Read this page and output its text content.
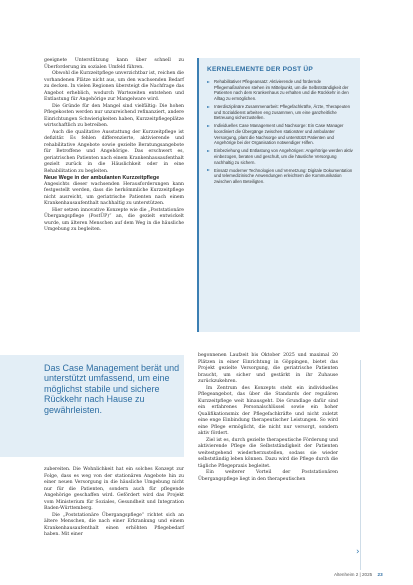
geeignete Unterstützung kann über schnell zu Überforderung im sozialen Umfeld führen.

Obwohl die Kurzzeitpflege unverzichtbar ist, reichen die vorhandenen Plätze nicht aus, um den wachsenden Bedarf zu decken. In vielen Regionen übersteigt die Nachfrage das Angebot erheblich, wodurch Wartezeiten entstehen und Entlastung für Angehörige zur Mangelware wird.

Die Gründe für den Mangel sind vielfältig: Die hohen Pflegekosten werden nur unzureichend refinanziert, andere Einrichtungen Schwierigkeiten haben, Kurzzeitpflegeplätze wirtschaftlich zu betreiben.

Auch die qualitative Ausstattung der Kurzzeitpflege ist defizitär. Es fehlen differenzierte, aktivierende und rehabilitative Angebote sowie gezielte Beratungsangebote für Betroffene und Angehörige. Das erschwert es, geriatrischen Patienten nach einem Krankenhausaufenthalt gezielt zurück in die Häuslichkeit oder in eine Rehabilitation zu begleiten.

Neue Wege in der ambulanten Kurzzeitpflege

Angesichts dieser wachsenden Herausforderungen kann festgestellt werden, dass die herkömmliche Kurzzeitpflege nicht ausreicht, um geriatrische Patienten nach einem Krankenhausaufenthalt nachhaltig zu unterstützen.

Hier setzen innovative Konzepte wie die „Poststationäre Übergangspflege (PostÜP)“ an, die gezielt entwickelt wurde, um älteren Menschen auf dem Weg in die häusliche Umgebung zu begleiten.

KERNELEMENTE DER POST ÜP
Rehabilitativer Pflegeansatz: Aktivierende und fördernde Pflegemaßnahmen stehen im Mittelpunkt, um die Selbstständigkeit der Patienten nach dem Krankenhaus zu erhalten und die Rückkehr in den Alltag zu ermöglichen.
Interdisziplinäre Zusammenarbeit: Pflegefachkräfte, Ärzte, Therapeuten und Sozialdienst arbeiten eng zusammen, um eine ganzheitliche Betreuung sicherzustellen.
Individuelles Case Management und Nachsorge: Ein Case Manager koordiniert die Übergänge zwischen stationärer und ambulanter Versorgung, plant die Nachsorge und unterstützt Patienten und Angehörige bei der Organisation notwendiger Hilfen.
Einbeziehung und Entlastung von Angehörigen: Angehörige werden aktiv einbezogen, beraten und geschult, um die häusliche Versorgung nachhaltig zu sichern.
Einsatz moderner Technologien und Vernetzung: Digitale Dokumentation und telemedizinische Anwendungen erleichtern die Kommunikation zwischen allen Beteiligten.
Das Case Management berät und unterstützt umfassend, um eine möglichst stabile und sichere Rückkehr nach Hause zu gewährleisten.

zubereiten. Die Wohnlichkeit hat ein solches Konzept zur Folge, dass es weg von der stationären Angebote hin zu einer neuen Versorgung in die häusliche Umgebung nicht nur für die Patienten, sondern auch für pflegende Angehörige geschaffen wird. Gefördert wird das Projekt vom Ministerium für Soziales, Gesundheit und Integration Baden-Württemberg.

Die „Poststationäre Übergangspflege“ richtet sich an ältere Menschen, die nach einer Erkrankung und einem Krankenhausaufenthalt einen erhöhten Pflegebedarf haben. Mit einer

begonnenen Laufzeit bis Oktober 2025 und maximal 20 Plätzen in einer Einrichtung in Göppingen, bietet das Projekt gezielte Versorgung, die geriatrische Patienten braucht, um sicher und gestärkt in ihr Zuhause zurückzukehren.

Im Zentrum des Konzepts steht ein individuelles Pflegeangebot, das über die Standards der regulären Kurzzeitpflege weit hinausgeht. Die Grundlage dafür sind ein erfahrenes Personalschlüssel sowie ein hoher Qualifikationsmix der Pflegefachkräfte und nicht zuletzt eine enge Einbindung therapeutischer Leistungen. So wird eine Pflege ermöglicht, die nicht nur versorgt, sondern aktiv fördert.

Ziel ist es, durch gezielte therapeutische Förderung und aktivierende Pflege die Selbstständigkeit der Patienten weitestgehend wiederherzustellen, sodass sie wieder selbstständig leben können. Dazu wird die Pflege durch die tägliche Pflegepraxis begleitet.

Ein weiterer Vorteil der Poststationären Übergangspflege liegt in den therapeutischen

›
Altenheim 2 | 2025 23
